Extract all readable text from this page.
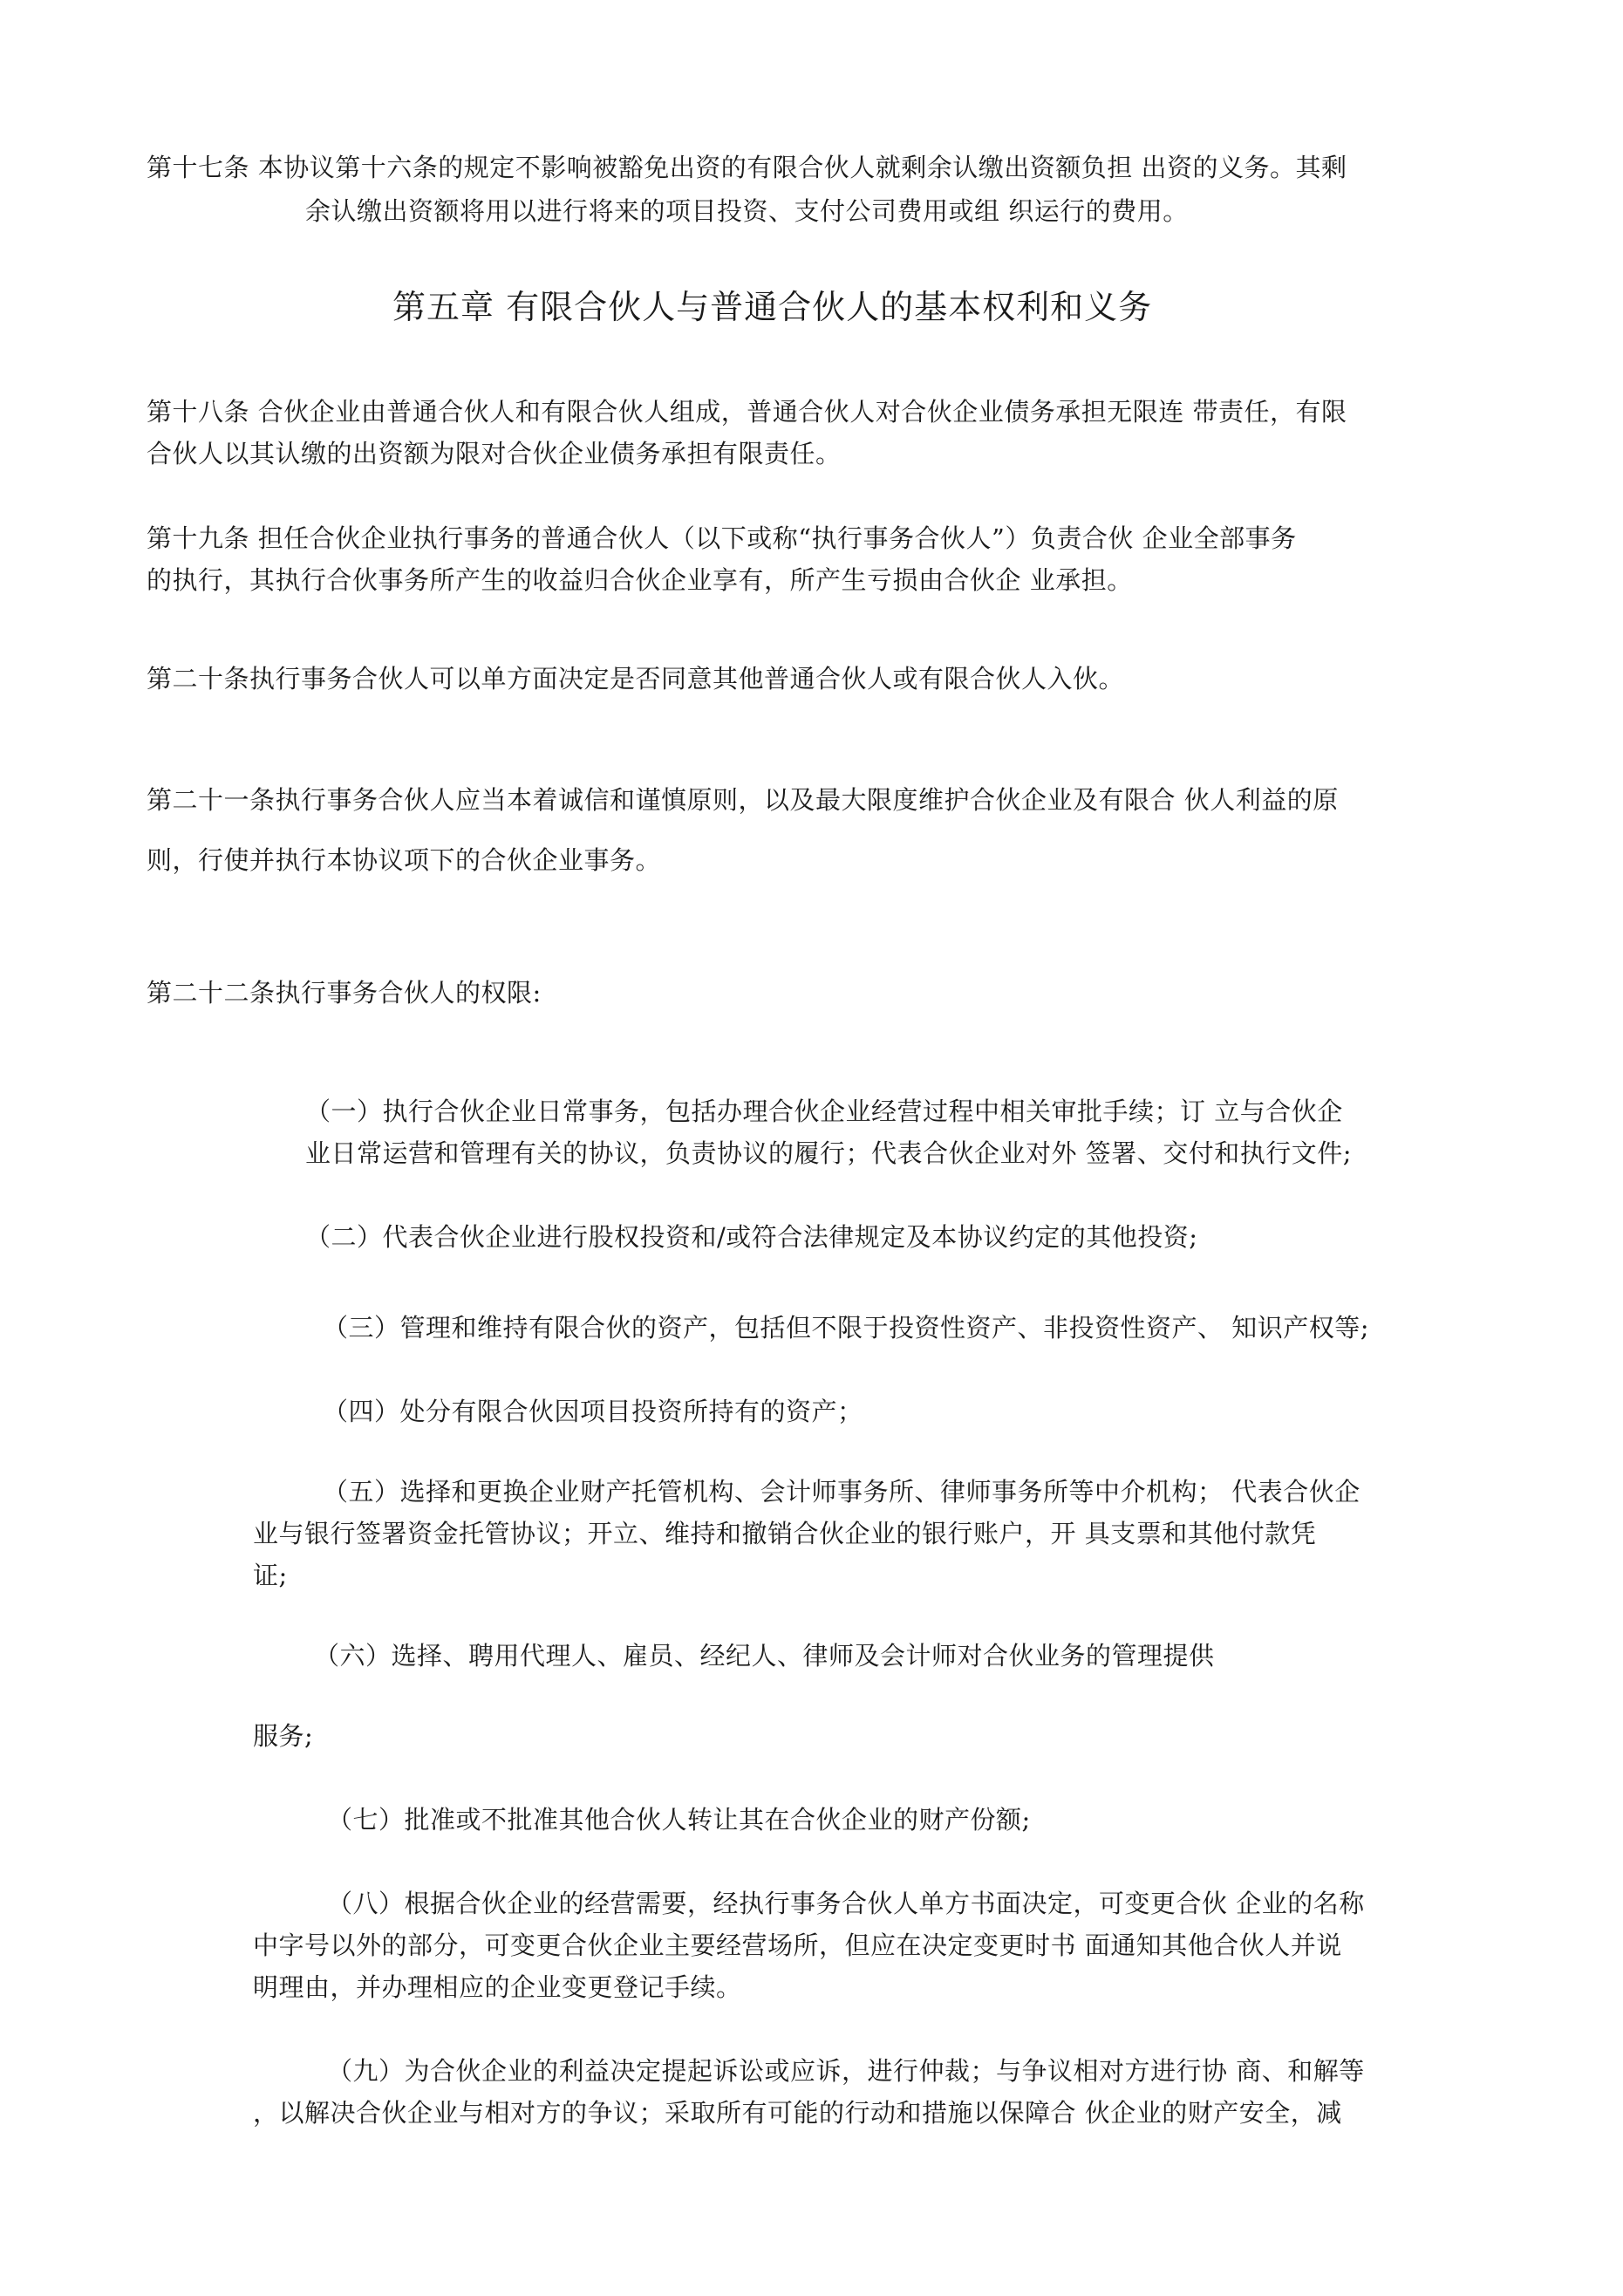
第十七条 本协议第十六条的规定不影响被豁免出资的有限合伙人就剩余认缴出资额负担 出资的义务。其剩
余认缴出资额将用以进行将来的项目投资、支付公司费用或组 织运行的费用。
第五章 有限合伙人与普通合伙人的基本权利和义务
第十八条 合伙企业由普通合伙人和有限合伙人组成，普通合伙人对合伙企业债务承担无限连 带责任，有限
合伙人以其认缴的出资额为限对合伙企业债务承担有限责任。
第十九条 担任合伙企业执行事务的普通合伙人（以下或称“执行事务合伙人”）负责合伙 企业全部事务
的执行，其执行合伙事务所产生的收益归合伙企业享有，所产生亏损由合伙企 业承担。
第二十条执行事务合伙人可以单方面决定是否同意其他普通合伙人或有限合伙人入伙。
第二十一条执行事务合伙人应当本着诚信和谨慎原则，以及最大限度维护合伙企业及有限合 伙人利益的原
则，行使并执行本协议项下的合伙企业事务。
第二十二条执行事务合伙人的权限:
（一）执行合伙企业日常事务，包括办理合伙企业经营过程中相关审批手续；订 立与合伙企
业日常运营和管理有关的协议，负责协议的履行；代表合伙企业对外 签署、交付和执行文件;
（二）代表合伙企业进行股权投资和/或符合法律规定及本协议约定的其他投资;
（三）管理和维持有限合伙的资产，包括但不限于投资性资产、非投资性资产、 知识产权等;
（四）处分有限合伙因项目投资所持有的资产；
（五）选择和更换企业财产托管机构、会计师事务所、律师事务所等中介机构； 代表合伙企
业与银行签署资金托管协议；开立、维持和撤销合伙企业的银行账户，开 具支票和其他付款凭
证;
（六）选择、聘用代理人、雇员、经纪人、律师及会计师对合伙业务的管理提供
服务;
（七）批准或不批准其他合伙人转让其在合伙企业的财产份额;
（八）根据合伙企业的经营需要，经执行事务合伙人单方书面决定，可变更合伙 企业的名称
中字号以外的部分，可变更合伙企业主要经营场所，但应在决定变更时书 面通知其他合伙人并说
明理由，并办理相应的企业变更登记手续。
（九）为合伙企业的利益决定提起诉讼或应诉，进行仲裁；与争议相对方进行协 商、和解等
，以解决合伙企业与相对方的争议；采取所有可能的行动和措施以保障合 伙企业的财产安全，减
